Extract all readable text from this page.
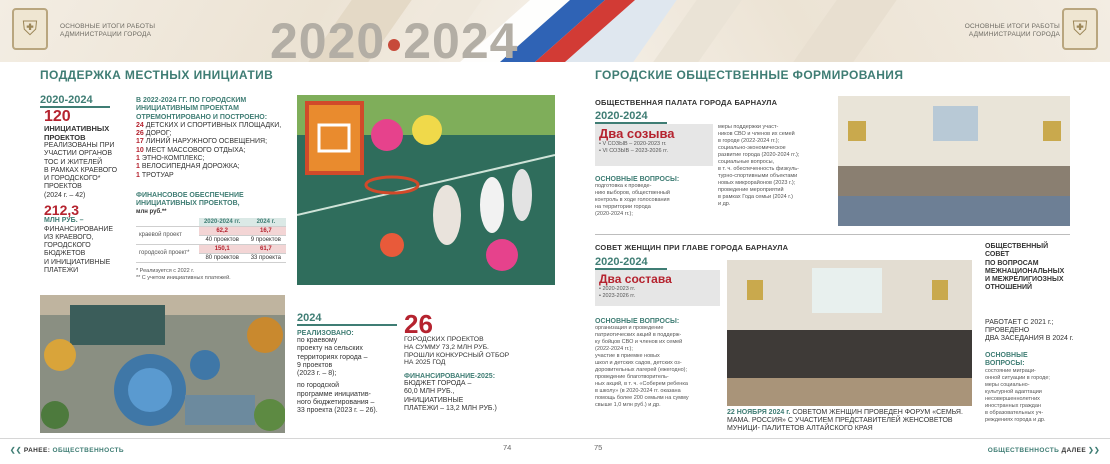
⛨	ОСНОВНЫЕ ИТОГИ РАБОТЫ АДМИНИСТРАЦИИ ГОРОДА	⛨
ОСНОВНЫЕ ИТОГИ РАБОТЫ АДМИНИСТРАЦИИ ГОРОДА
2020 2024
ПОДДЕРЖКА МЕСТНЫХ ИНИЦИАТИВ
2020-2024
120
ИНИЦИАТИВНЫХ ПРОЕКТОВ
РЕАЛИЗОВАНЫ ПРИ
УЧАСТИИ ОРГАНОВ
ТОС И ЖИТЕЛЕЙ
В РАМКАХ КРАЕВОГО
И ГОРОДСКОГО*
ПРОЕКТОВ
(2024 г. – 42)
212,3
МЛН РУБ. –
ФИНАНСИРОВАНИЕ
ИЗ КРАЕВОГО,
ГОРОДСКОГО
БЮДЖЕТОВ
И ИНИЦИАТИВНЫЕ
ПЛАТЕЖИ
В 2022-2024 ГГ. ПО ГОРОДСКИМ
ИНИЦИАТИВНЫМ ПРОЕКТАМ
ОТРЕМОНТИРОВАНО И ПОСТРОЕНО:
24 ДЕТСКИХ И СПОРТИВНЫХ ПЛОЩАДКИ,
26 ДОРОГ;
17 ЛИНИЙ НАРУЖНОГО ОСВЕЩЕНИЯ;
10 МЕСТ МАССОВОГО ОТДЫХА;
1 ЭТНО-КОМПЛЕКС;
1 ВЕЛОСИПЕДНАЯ ДОРОЖКА;
1 ТРОТУАР
ФИНАНСОВОЕ ОБЕСПЕЧЕНИЕ
ИНИЦИАТИВНЫХ ПРОЕКТОВ,
млн руб.**
	2020-2024 гг.	2024 г.
краевой проект	62,2	16,7
	40 проектов	9 проектов
городской проект*	150,1	61,7
	80 проектов	33 проекта
* Реализуется с 2022 г.
** С учетом инициативных платежей.
2024
РЕАЛИЗОВАНО:
по краевому
проекту на сельских
территориях города –
9 проектов
(2023 г. – 8);
по городской
программе инициатив-
ного бюджетирования –
33 проекта (2023 г. – 26).
26
ГОРОДСКИХ ПРОЕКТОВ
НА СУММУ 73,2 МЛН РУБ.
ПРОШЛИ КОНКУРСНЫЙ ОТБОР
НА 2025 ГОД
ФИНАНСИРОВАНИЕ-2025:
БЮДЖЕТ ГОРОДА –
60,0 МЛН РУБ.,
ИНИЦИАТИВНЫЕ
ПЛАТЕЖИ – 13,2 МЛН РУБ.)
ГОРОДСКИЕ ОБЩЕСТВЕННЫЕ ФОРМИРОВАНИЯ
ОБЩЕСТВЕННАЯ ПАЛАТА ГОРОДА БАРНАУЛА
2020-2024
Два созыва
• V СОЗЫВ – 2020-2023 гг.
• VI СОЗЫВ – 2023-2026 гг.
ОСНОВНЫЕ ВОПРОСЫ:
подготовка к проведе-
нию выборов, общественный
контроль в ходе голосования
на территории города
(2020-2024 гг.);
меры поддержки участ-
ников СВО и членов их семей
в городе (2022-2024 гг.);
социально-экономическое
развитие города (2020-2024 гг.);
социальные вопросы,
в т. ч. обеспеченность физкуль-
турно-спортивными объектами
новых микрорайонов (2023 г.);
проведение мероприятий
в рамках Года семьи (2024 г.)
и др.
СОВЕТ ЖЕНЩИН ПРИ ГЛАВЕ ГОРОДА БАРНАУЛА
2020-2024
Два состава
• 2020-2023 гг.
• 2023-2026 гг.
ОСНОВНЫЕ ВОПРОСЫ:
организация и проведение
патриотических акций в поддерж-
ку бойцов СВО и членов их семей
(2022-2024 гг.);
участие в приемке новых
школ и детских садов, детских оз-
доровительных лагерей (ежегодно);
проведение благотворитель-
ных акций, в т. ч. «Соберем ребенка
в школу» (в 2020-2024 гг. оказана
помощь более 200 семьям на сумму
свыше 1,0 млн руб.) и др.
22 НОЯБРЯ 2024 г. СОВЕТОМ ЖЕНЩИН ПРОВЕДЕН ФОРУМ «СЕМЬЯ. МАМА. РОССИЯ» С УЧАСТИЕМ ПРЕДСТАВИТЕЛЕЙ ЖЕНСОВЕТОВ МУНИЦИ- ПАЛИТЕТОВ АЛТАЙСКОГО КРАЯ
ОБЩЕСТВЕННЫЙ
СОВЕТ
ПО ВОПРОСАМ
МЕЖНАЦИОНАЛЬНЫХ
И МЕЖРЕЛИГИОЗНЫХ
ОТНОШЕНИЙ
РАБОТАЕТ С 2021 г.;
ПРОВЕДЕНО
ДВА ЗАСЕДАНИЯ В 2024 г.
ОСНОВНЫЕ
ВОПРОСЫ:
состояние миграци-
онной ситуации в городе;
меры социально-
культурной адаптации
несовершеннолетних
иностранных граждан
в образовательных уч-
реждениях города и др.
❮❮ РАНЕЕ: ОБЩЕСТВЕННОСТЬ	74	75	ОБЩЕСТВЕННОСТЬ ДАЛЕЕ ❯❯
